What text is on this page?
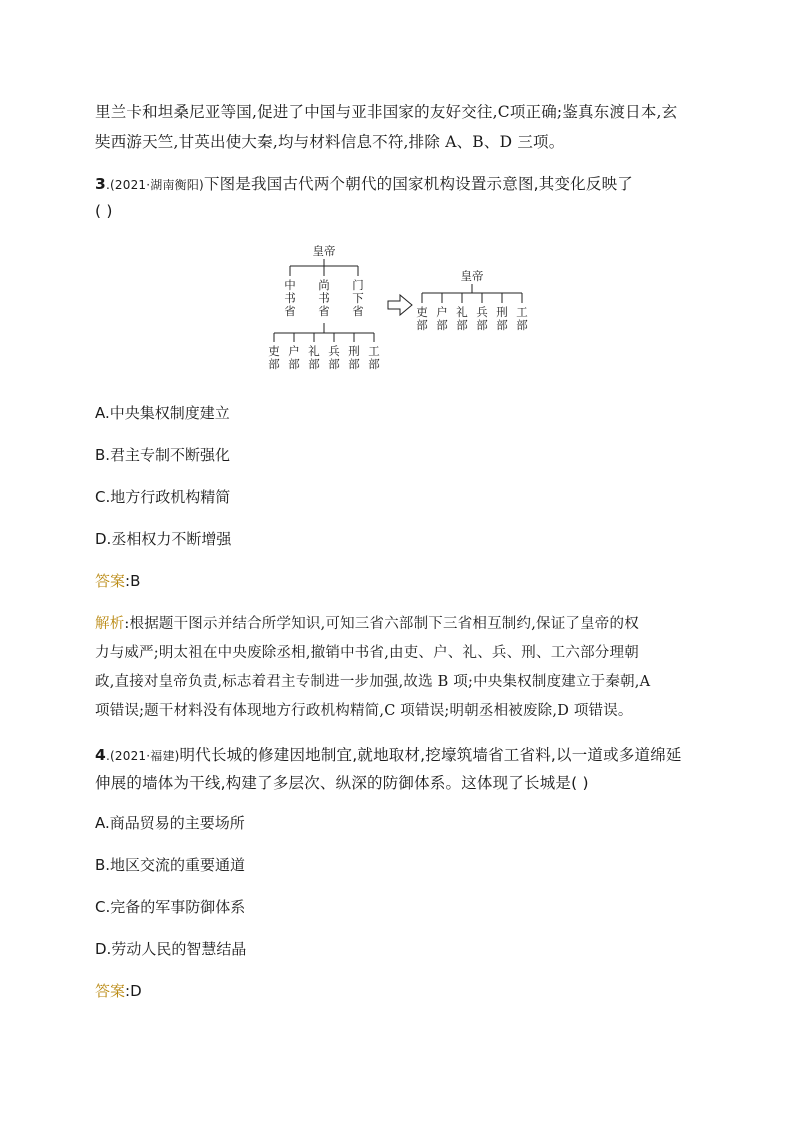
里兰卡和坦桑尼亚等国,促进了中国与亚非国家的友好交往,C项正确;鉴真东渡日本,玄
奘西游天竺,甘英出使大秦,均与材料信息不符,排除 A、B、D 三项。
3.(2021·湖南衡阳)下图是我国古代两个朝代的国家机构设置示意图,其变化反映了
( )
皇帝
中书省
尚书省
门下省
吏部
户部
礼部
兵部
刑部
工部
皇帝
吏部
户部
礼部
兵部
刑部
工部
A.中央集权制度建立
B.君主专制不断强化
C.地方行政机构精简
D.丞相权力不断增强
答案:B
解析:根据题干图示并结合所学知识,可知三省六部制下三省相互制约,保证了皇帝的权
力与威严;明太祖在中央废除丞相,撤销中书省,由吏、户、礼、兵、刑、工六部分理朝
政,直接对皇帝负责,标志着君主专制进一步加强,故选 B 项;中央集权制度建立于秦朝,A
项错误;题干材料没有体现地方行政机构精简,C 项错误;明朝丞相被废除,D 项错误。
4.(2021·福建)明代长城的修建因地制宜,就地取材,挖壕筑墙省工省料,以一道或多道绵延
伸展的墙体为干线,构建了多层次、纵深的防御体系。这体现了长城是( )
A.商品贸易的主要场所
B.地区交流的重要通道
C.完备的军事防御体系
D.劳动人民的智慧结晶
答案:D
